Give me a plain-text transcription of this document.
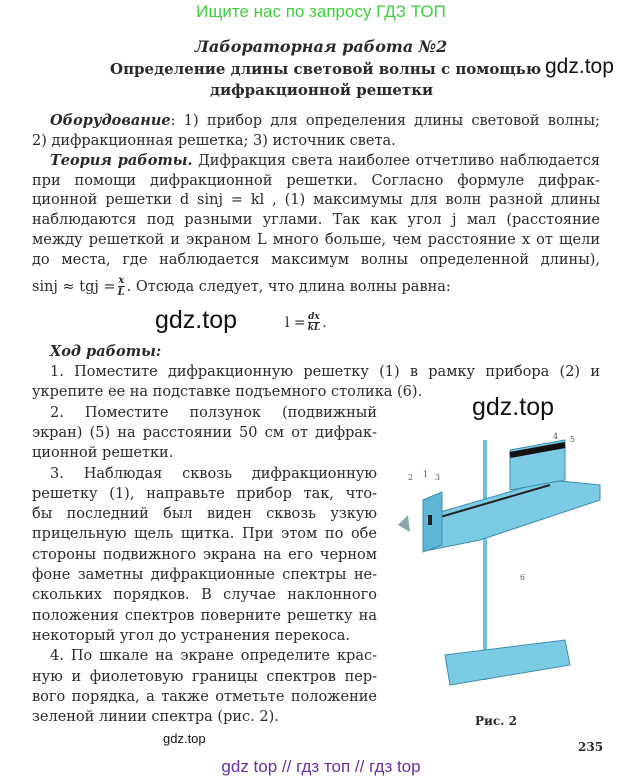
Ищите нас по запросу ГДЗ ТОП
Лабораторная работа №2
Определение длины световой волны с помощью gdz.top
дифракционной решетки
Оборудование: 1) прибор для определения длины световой волны;
2) дифракционная решетка; 3) источник света.
Теория работы. Дифракция света наиболее отчетливо наблюдается
при помощи дифракционной решетки. Согласно формуле дифрак-
ционной решетки d sinj = kl , (1) максимумы для волн разной длины
наблюдаются под разными углами. Так как угол j мал (расстояние
между решеткой и экраном L много больше, чем расстояние x от щели
до места, где наблюдается максимум волны определенной длины),
sinj ≈ tgj = $\frac{x}{L}$ . Отсюда следует, что длина волны равна:
gdz.top	$l = \frac{dx}{kL}$ .
Ход работы:
1. Поместите дифракционную решетку (1) в рамку прибора (2) и
укрепите ее на подставке подъемного столика (6).
2. Поместите ползунок (подвижный
экран) (5) на расстоянии 50 см от дифрак-
ционной решетки.
3. Наблюдая сквозь дифракционную
решетку (1), направьте прибор так, что-
бы последний был виден сквозь узкую
прицельную щель щитка. При этом по обе
стороны подвижного экрана на его черном
фоне заметны дифракционные спектры не-
скольких порядков. В случае наклонного
положения спектров поверните решетку на
некоторый угол до устранения перекоса.
4. По шкале на экране определите крас-
ную и фиолетовую границы спектров пер-
вого порядка, а также отметьте положение
зеленой линии спектра (рис. 2).
gdz.top
2 1 3
4 5
6
Рис. 2
gdz.top
235
gdz top // гдз топ // гдз top
